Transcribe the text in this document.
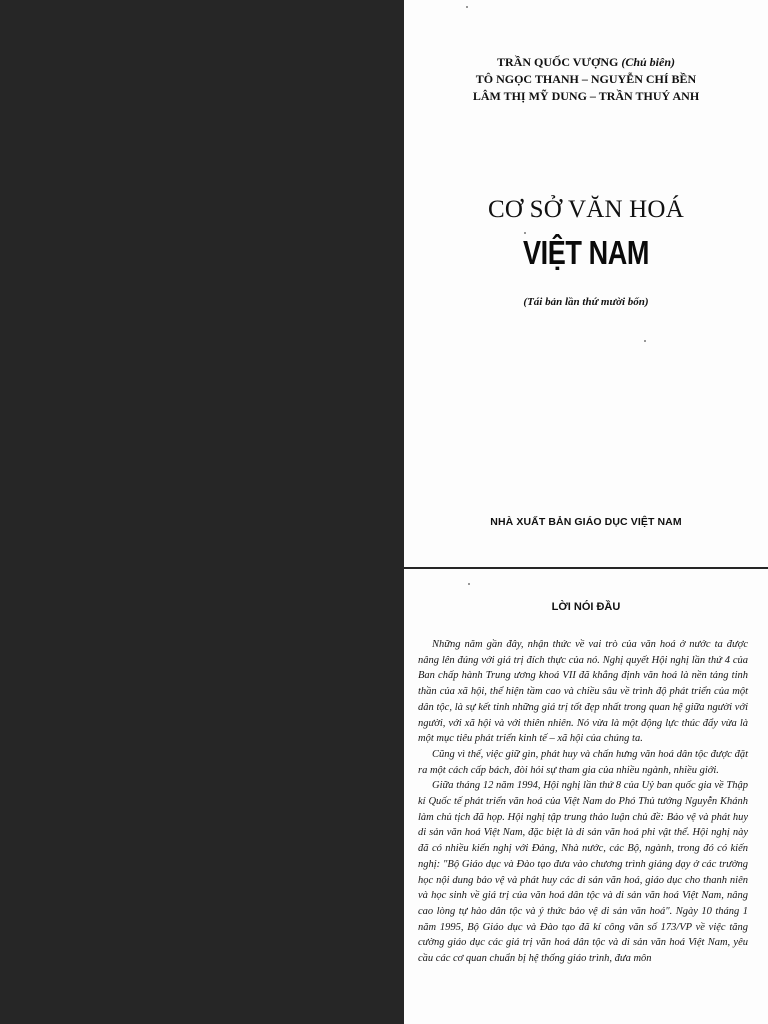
TRẦN QUỐC VƯỢNG (Chủ biên)
TÔ NGỌC THANH – NGUYỄN CHÍ BỀN
LÂM THỊ MỸ DUNG – TRẦN THUÝ ANH
CƠ SỞ VĂN HOÁ
VIỆT NAM
(Tái bản lần thứ mười bốn)
NHÀ XUẤT BẢN GIÁO DỤC VIỆT NAM
LỜI NÓI ĐẦU

Những năm gần đây, nhận thức về vai trò của văn hoá ở nước ta được nâng lên đúng với giá trị đích thực của nó. Nghị quyết Hội nghị lần thứ 4 của Ban chấp hành Trung ương khoá VII đã khẳng định văn hoá là nền tảng tinh thần của xã hội, thể hiện tầm cao và chiều sâu về trình độ phát triển của một dân tộc, là sự kết tinh những giá trị tốt đẹp nhất trong quan hệ giữa người với người, với xã hội và với thiên nhiên. Nó vừa là một động lực thúc đẩy vừa là một mục tiêu phát triển kinh tế – xã hội của chúng ta.

Cũng vì thế, việc giữ gìn, phát huy và chấn hưng văn hoá dân tộc được đặt ra một cách cấp bách, đòi hỏi sự tham gia của nhiều ngành, nhiều giới.

Giữa tháng 12 năm 1994, Hội nghị lần thứ 8 của Uỷ ban quốc gia về Thập kỉ Quốc tế phát triển văn hoá của Việt Nam do Phó Thủ tướng Nguyễn Khánh làm chủ tịch đã họp. Hội nghị tập trung thảo luận chủ đề: Bảo vệ và phát huy di sản văn hoá Việt Nam, đặc biệt là di sản văn hoá phi vật thể. Hội nghị này đã có nhiều kiến nghị với Đảng, Nhà nước, các Bộ, ngành, trong đó có kiến nghị: "Bộ Giáo dục và Đào tạo đưa vào chương trình giảng dạy ở các trường học nội dung bảo vệ và phát huy các di sản văn hoá, giáo dục cho thanh niên và học sinh về giá trị của văn hoá dân tộc và di sản văn hoá Việt Nam, nâng cao lòng tự hào dân tộc và ý thức bảo vệ di sản văn hoá". Ngày 10 tháng 1 năm 1995, Bộ Giáo dục và Đào tạo đã kí công văn số 173/VP về việc tăng cường giáo dục các giá trị văn hoá dân tộc và di sản văn hoá Việt Nam, yêu cầu các cơ quan chuẩn bị hệ thống giáo trình, đưa môn
